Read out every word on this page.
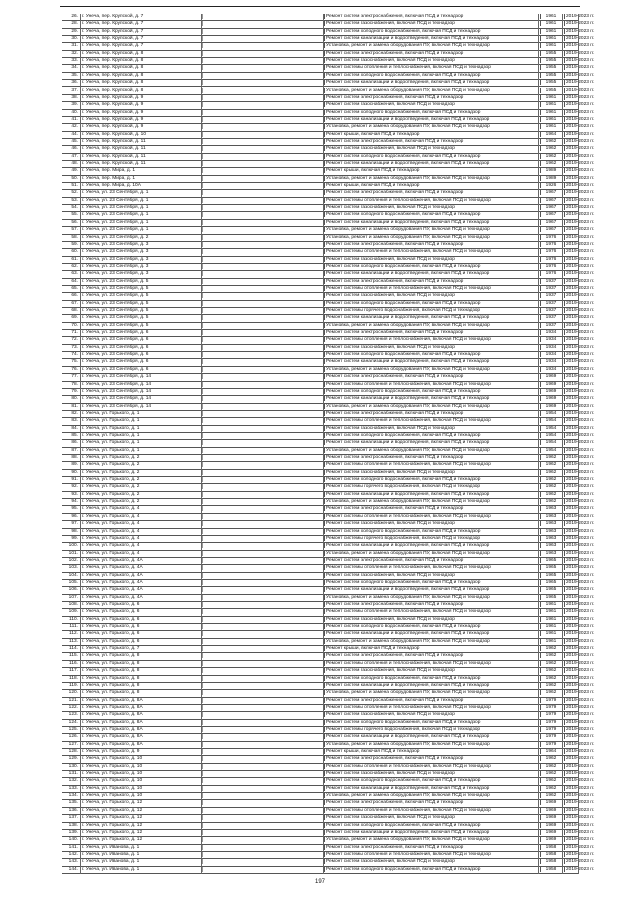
26. г. Унеча, пер. Крупской, д. 7	Ремонт систем электроснабжения, включая ПСД и технадзор	1961	2019-2023 гг.
28. г. Унеча, пер. Крупской, д. 7	Ремонт систем газоснабжения, включая ПСД и технадзор	1961	2019-2023 гг.
29. г. Унеча, пер. Крупской, д. 7	Ремонт систем холодного водоснабжения, включая ПСД и технадзор	1961	2019-2023 гг.
30. г. Унеча, пер. Крупской, д. 7	Ремонт систем канализации и водоотведения, включая ПСД и технадзор	1961	2019-2023 гг.
31. г. Унеча, пер. Крупской, д. 7	Установка, ремонт и замена оборудования ПУ, включая ПСД и технадзор	1961	2019-2023 гг.
32. г. Унеча, пер. Крупской, д. 8	Ремонт систем электроснабжения, включая ПСД и технадзор	1955	2019-2023 гг.
33. г. Унеча, пер. Крупской, д. 8	Ремонт систем газоснабжения, включая ПСД и технадзор	1955	2019-2023 гг.
34. г. Унеча, пер. Крупской, д. 8	Ремонт системы отопления и теплоснабжения, включая ПСД и технадзор	1955	2019-2023 гг.
35. г. Унеча, пер. Крупской, д. 8	Ремонт систем холодного водоснабжения, включая ПСД и технадзор	1955	2019-2023 гг.
36. г. Унеча, пер. Крупской, д. 8	Ремонт систем канализации и водоотведения, включая ПСД и технадзор	1955	2019-2023 гг.
37. г. Унеча, пер. Крупской, д. 8	Установка, ремонт и замена оборудования ПУ, включая ПСД и технадзор	1955	2019-2023 гг.
38. г. Унеча, пер. Крупской, д. 9	Ремонт систем электроснабжения, включая ПСД и технадзор	1961	2019-2023 гг.
39. г. Унеча, пер. Крупской, д. 9	Ремонт систем газоснабжения, включая ПСД и технадзор	1961	2019-2023 гг.
40. г. Унеча, пер. Крупской, д. 9	Ремонт систем холодного водоснабжения, включая ПСД и технадзор	1961	2019-2023 гг.
41. г. Унеча, пер. Крупской, д. 9	Ремонт систем канализации и водоотведения, включая ПСД и технадзор	1961	2019-2023 гг.
42. г. Унеча, пер. Крупской, д. 9	Установка, ремонт и замена оборудования ПУ, включая ПСД и технадзор	1961	2019-2023 гг.
44. г. Унеча, пер. Крупской, д. 10	Ремонт крыши, включая ПСД и технадзор	1964	2019-2023 гг.
45. г. Унеча, пер. Крупской, д. 11	Ремонт систем электроснабжения, включая ПСД и технадзор	1962	2019-2023 гг.
46. г. Унеча, пер. Крупской, д. 11	Ремонт систем газоснабжения, включая ПСД и технадзор	1962	2019-2023 гг.
47. г. Унеча, пер. Крупской, д. 11	Ремонт систем холодного водоснабжения, включая ПСД и технадзор	1962	2019-2023 гг.
48. г. Унеча, пер. Крупской, д. 11	Ремонт систем канализации и водоотведения, включая ПСД и технадзор	1962	2019-2023 гг.
49. г. Унеча, пер. Мира, д. 1	Ремонт крыши, включая ПСД и технадзор	1989	2019-2023 гг.
50. г. Унеча, пер. Мира, д. 1	Установка, ремонт и замена оборудования ПУ, включая ПСД и технадзор	1989	2019-2023 гг.
51. г. Унеча, пер. Мира, д. 10А	Ремонт крыши, включая ПСД и технадзор	1926	2019-2023 гг.
52. г. Унеча, ул. 23 Сентября, д. 1	Ремонт систем электроснабжения, включая ПСД и технадзор	1967	2019-2023 гг.
53. г. Унеча, ул. 23 Сентября, д. 1	Ремонт системы отопления и теплоснабжения, включая ПСД и технадзор	1967	2019-2023 гг.
54. г. Унеча, ул. 23 Сентября, д. 1	Ремонт систем газоснабжения, включая ПСД и технадзор	1967	2019-2023 гг.
55. г. Унеча, ул. 23 Сентября, д. 1	Ремонт систем холодного водоснабжения, включая ПСД и технадзор	1967	2019-2023 гг.
56. г. Унеча, ул. 23 Сентября, д. 1	Ремонт систем канализации и водоотведения, включая ПСД и технадзор	1967	2019-2023 гг.
57. г. Унеча, ул. 23 Сентября, д. 1	Установка, ремонт и замена оборудования ПУ, включая ПСД и технадзор	1967	2019-2023 гг.
58. г. Унеча, ул. 23 Сентября, д. 2	Установка, ремонт и замена оборудования ПУ, включая ПСД и технадзор	1976	2019-2023 гг.
59. г. Унеча, ул. 23 Сентября, д. 3	Ремонт систем электроснабжения, включая ПСД и технадзор	1976	2019-2023 гг.
60. г. Унеча, ул. 23 Сентября, д. 3	Ремонт системы отопления и теплоснабжения, включая ПСД и технадзор	1976	2019-2023 гг.
61. г. Унеча, ул. 23 Сентября, д. 3	Ремонт систем газоснабжения, включая ПСД и технадзор	1976	2019-2023 гг.
62. г. Унеча, ул. 23 Сентября, д. 3	Ремонт систем холодного водоснабжения, включая ПСД и технадзор	1976	2019-2023 гг.
63. г. Унеча, ул. 23 Сентября, д. 3	Ремонт систем канализации и водоотведения, включая ПСД и технадзор	1976	2019-2023 гг.
64. г. Унеча, ул. 23 Сентября, д. 5	Ремонт систем электроснабжения, включая ПСД и технадзор	1937	2019-2023 гг.
65. г. Унеча, ул. 23 Сентября, д. 5	Ремонт системы отопления и теплоснабжения, включая ПСД и технадзор	1937	2019-2023 гг.
66. г. Унеча, ул. 23 Сентября, д. 5	Ремонт систем газоснабжения, включая ПСД и технадзор	1937	2019-2023 гг.
67. г. Унеча, ул. 23 Сентября, д. 5	Ремонт систем холодного водоснабжения, включая ПСД и технадзор	1937	2019-2023 гг.
68. г. Унеча, ул. 23 Сентября, д. 5	Ремонт системы горячего водоснабжения, включая ПСД и технадзор	1937	2019-2023 гг.
69. г. Унеча, ул. 23 Сентября, д. 5	Ремонт систем канализации и водоотведения, включая ПСД и технадзор	1937	2019-2023 гг.
70. г. Унеча, ул. 23 Сентября, д. 5	Установка, ремонт и замена оборудования ПУ, включая ПСД и технадзор	1937	2019-2023 гг.
71. г. Унеча, ул. 23 Сентября, д. 6	Ремонт систем электроснабжения, включая ПСД и технадзор	1934	2019-2023 гг.
72. г. Унеча, ул. 23 Сентября, д. 6	Ремонт системы отопления и теплоснабжения, включая ПСД и технадзор	1934	2019-2023 гг.
73. г. Унеча, ул. 23 Сентября, д. 6	Ремонт систем газоснабжения, включая ПСД и технадзор	1934	2019-2023 гг.
74. г. Унеча, ул. 23 Сентября, д. 6	Ремонт систем холодного водоснабжения, включая ПСД и технадзор	1934	2019-2023 гг.
75. г. Унеча, ул. 23 Сентября, д. 6	Ремонт систем канализации и водоотведения, включая ПСД и технадзор	1934	2019-2023 гг.
76. г. Унеча, ул. 23 Сентября, д. 6	Установка, ремонт и замена оборудования ПУ, включая ПСД и технадзор	1934	2019-2023 гг.
77. г. Унеча, ул. 23 Сентября, д. 14	Ремонт систем электроснабжения, включая ПСД и технадзор	1969	2019-2023 гг.
78. г. Унеча, ул. 23 Сентября, д. 14	Ремонт системы отопления и теплоснабжения, включая ПСД и технадзор	1969	2019-2023 гг.
79. г. Унеча, ул. 23 Сентября, д. 14	Ремонт систем холодного водоснабжения, включая ПСД и технадзор	1969	2019-2023 гг.
80. г. Унеча, ул. 23 Сентября, д. 14	Ремонт систем канализации и водоотведения, включая ПСД и технадзор	1969	2019-2023 гг.
81. г. Унеча, ул. 23 Сентября, д. 14	Установка, ремонт и замена оборудования ПУ, включая ПСД и технадзор	1969	2019-2023 гг.
82. г. Унеча, ул. Горького, д. 1	Ремонт систем электроснабжения, включая ПСД и технадзор	1954	2019-2023 гг.
83. г. Унеча, ул. Горького, д. 1	Ремонт системы отопления и теплоснабжения, включая ПСД и технадзор	1954	2019-2023 гг.
84. г. Унеча, ул. Горького, д. 1	Ремонт систем газоснабжения, включая ПСД и технадзор	1954	2019-2023 гг.
85. г. Унеча, ул. Горького, д. 1	Ремонт систем холодного водоснабжения, включая ПСД и технадзор	1954	2019-2023 гг.
86. г. Унеча, ул. Горького, д. 1	Ремонт систем канализации и водоотведения, включая ПСД и технадзор	1954	2019-2023 гг.
87. г. Унеча, ул. Горького, д. 1	Установка, ремонт и замена оборудования ПУ, включая ПСД и технадзор	1954	2019-2023 гг.
88. г. Унеча, ул. Горького, д. 2	Ремонт систем электроснабжения, включая ПСД и технадзор	1962	2019-2023 гг.
89. г. Унеча, ул. Горького, д. 2	Ремонт системы отопления и теплоснабжения, включая ПСД и технадзор	1962	2019-2023 гг.
90. г. Унеча, ул. Горького, д. 2	Ремонт систем газоснабжения, включая ПСД и технадзор	1962	2019-2023 гг.
91. г. Унеча, ул. Горького, д. 2	Ремонт систем холодного водоснабжения, включая ПСД и технадзор	1962	2019-2023 гг.
92. г. Унеча, ул. Горького, д. 2	Ремонт системы горячего водоснабжения, включая ПСД и технадзор	1962	2019-2023 гг.
93. г. Унеча, ул. Горького, д. 2	Ремонт систем канализации и водоотведения, включая ПСД и технадзор	1962	2019-2023 гг.
94. г. Унеча, ул. Горького, д. 2	Установка, ремонт и замена оборудования ПУ, включая ПСД и технадзор	1962	2019-2023 гг.
95. г. Унеча, ул. Горького, д. 4	Ремонт систем электроснабжения, включая ПСД и технадзор	1963	2019-2023 гг.
96. г. Унеча, ул. Горького, д. 4	Ремонт системы отопления и теплоснабжения, включая ПСД и технадзор	1963	2019-2023 гг.
97. г. Унеча, ул. Горького, д. 4	Ремонт систем газоснабжения, включая ПСД и технадзор	1963	2019-2023 гг.
98. г. Унеча, ул. Горького, д. 4	Ремонт систем холодного водоснабжения, включая ПСД и технадзор	1963	2019-2023 гг.
99. г. Унеча, ул. Горького, д. 4	Ремонт системы горячего водоснабжения, включая ПСД и технадзор	1963	2019-2023 гг.
100. г. Унеча, ул. Горького, д. 4	Ремонт систем канализации и водоотведения, включая ПСД и технадзор	1963	2019-2023 гг.
101. г. Унеча, ул. Горького, д. 4	Установка, ремонт и замена оборудования ПУ, включая ПСД и технадзор	1963	2019-2023 гг.
102. г. Унеча, ул. Горького, д. 4А	Ремонт систем электроснабжения, включая ПСД и технадзор	1965	2019-2023 гг.
103. г. Унеча, ул. Горького, д. 4А	Ремонт системы отопления и теплоснабжения, включая ПСД и технадзор	1965	2019-2023 гг.
104. г. Унеча, ул. Горького, д. 4А	Ремонт систем газоснабжения, включая ПСД и технадзор	1965	2019-2023 гг.
105. г. Унеча, ул. Горького, д. 4А	Ремонт систем холодного водоснабжения, включая ПСД и технадзор	1965	2019-2023 гг.
106. г. Унеча, ул. Горького, д. 4А	Ремонт систем канализации и водоотведения, включая ПСД и технадзор	1965	2019-2023 гг.
107. г. Унеча, ул. Горького, д. 4А	Установка, ремонт и замена оборудования ПУ, включая ПСД и технадзор	1965	2019-2023 гг.
108. г. Унеча, ул. Горького, д. 6	Ремонт систем электроснабжения, включая ПСД и технадзор	1961	2019-2023 гг.
109. г. Унеча, ул. Горького, д. 6	Ремонт системы отопления и теплоснабжения, включая ПСД и технадзор	1961	2019-2023 гг.
110. г. Унеча, ул. Горького, д. 6	Ремонт систем газоснабжения, включая ПСД и технадзор	1961	2019-2023 гг.
111. г. Унеча, ул. Горького, д. 6	Ремонт систем холодного водоснабжения, включая ПСД и технадзор	1961	2019-2023 гг.
112. г. Унеча, ул. Горького, д. 6	Ремонт систем канализации и водоотведения, включая ПСД и технадзор	1961	2019-2023 гг.
113. г. Унеча, ул. Горького, д. 6	Установка, ремонт и замена оборудования ПУ, включая ПСД и технадзор	1961	2019-2023 гг.
114. г. Унеча, ул. Горького, д. 7	Ремонт крыши, включая ПСД и технадзор	1962	2019-2023 гг.
115. г. Унеча, ул. Горького, д. 8	Ремонт систем электроснабжения, включая ПСД и технадзор	1962	2019-2023 гг.
116. г. Унеча, ул. Горького, д. 8	Ремонт системы отопления и теплоснабжения, включая ПСД и технадзор	1962	2019-2023 гг.
117. г. Унеча, ул. Горького, д. 8	Ремонт систем газоснабжения, включая ПСД и технадзор	1962	2019-2023 гг.
118. г. Унеча, ул. Горького, д. 8	Ремонт систем холодного водоснабжения, включая ПСД и технадзор	1962	2019-2023 гг.
119. г. Унеча, ул. Горького, д. 8	Ремонт систем канализации и водоотведения, включая ПСД и технадзор	1962	2019-2023 гг.
120. г. Унеча, ул. Горького, д. 8	Установка, ремонт и замена оборудования ПУ, включая ПСД и технадзор	1962	2019-2023 гг.
121. г. Унеча, ул. Горького, д. 8А	Ремонт систем электроснабжения, включая ПСД и технадзор	1979	2019-2023 гг.
122. г. Унеча, ул. Горького, д. 8А	Ремонт системы отопления и теплоснабжения, включая ПСД и технадзор	1979	2019-2023 гг.
123. г. Унеча, ул. Горького, д. 8А	Ремонт систем газоснабжения, включая ПСД и технадзор	1979	2019-2023 гг.
124. г. Унеча, ул. Горького, д. 8А	Ремонт систем холодного водоснабжения, включая ПСД и технадзор	1979	2019-2023 гг.
125. г. Унеча, ул. Горького, д. 8А	Ремонт системы горячего водоснабжения, включая ПСД и технадзор	1979	2019-2023 гг.
126. г. Унеча, ул. Горького, д. 8А	Ремонт систем канализации и водоотведения, включая ПСД и технадзор	1979	2019-2023 гг.
127. г. Унеча, ул. Горького, д. 8А	Установка, ремонт и замена оборудования ПУ, включая ПСД и технадзор	1979	2019-2023 гг.
128. г. Унеча, ул. Горького, д. 9	Ремонт крыши, включая ПСД и технадзор	1964	2019-2023 гг.
129. г. Унеча, ул. Горького, д. 10	Ремонт систем электроснабжения, включая ПСД и технадзор	1962	2019-2023 гг.
130. г. Унеча, ул. Горького, д. 10	Ремонт системы отопления и теплоснабжения, включая ПСД и технадзор	1962	2019-2023 гг.
131. г. Унеча, ул. Горького, д. 10	Ремонт систем газоснабжения, включая ПСД и технадзор	1962	2019-2023 гг.
132. г. Унеча, ул. Горького, д. 10	Ремонт систем холодного водоснабжения, включая ПСД и технадзор	1962	2019-2023 гг.
133. г. Унеча, ул. Горького, д. 10	Ремонт систем канализации и водоотведения, включая ПСД и технадзор	1962	2019-2023 гг.
134. г. Унеча, ул. Горького, д. 10	Установка, ремонт и замена оборудования ПУ, включая ПСД и технадзор	1962	2019-2023 гг.
135. г. Унеча, ул. Горького, д. 12	Ремонт систем электроснабжения, включая ПСД и технадзор	1969	2019-2023 гг.
136. г. Унеча, ул. Горького, д. 12	Ремонт системы отопления и теплоснабжения, включая ПСД и технадзор	1969	2019-2023 гг.
137. г. Унеча, ул. Горького, д. 12	Ремонт систем газоснабжения, включая ПСД и технадзор	1969	2019-2023 гг.
138. г. Унеча, ул. Горького, д. 12	Ремонт систем холодного водоснабжения, включая ПСД и технадзор	1969	2019-2023 гг.
139. г. Унеча, ул. Горького, д. 12	Ремонт систем канализации и водоотведения, включая ПСД и технадзор	1969	2019-2023 гг.
140. г. Унеча, ул. Горького, д. 12	Установка, ремонт и замена оборудования ПУ, включая ПСД и технадзор	1969	2019-2023 гг.
141. г. Унеча, ул. Иванова, д. 1	Ремонт систем электроснабжения, включая ПСД и технадзор	1958	2019-2023 гг.
142. г. Унеча, ул. Иванова, д. 1	Ремонт системы отопления и теплоснабжения, включая ПСД и технадзор	1958	2019-2023 гг.
143. г. Унеча, ул. Иванова, д. 1	Ремонт систем газоснабжения, включая ПСД и технадзор	1958	2019-2023 гг.
144. г. Унеча, ул. Иванова, д. 1	Ремонт систем холодного водоснабжения, включая ПСД и технадзор	1958	2019-2023 гг.
197
